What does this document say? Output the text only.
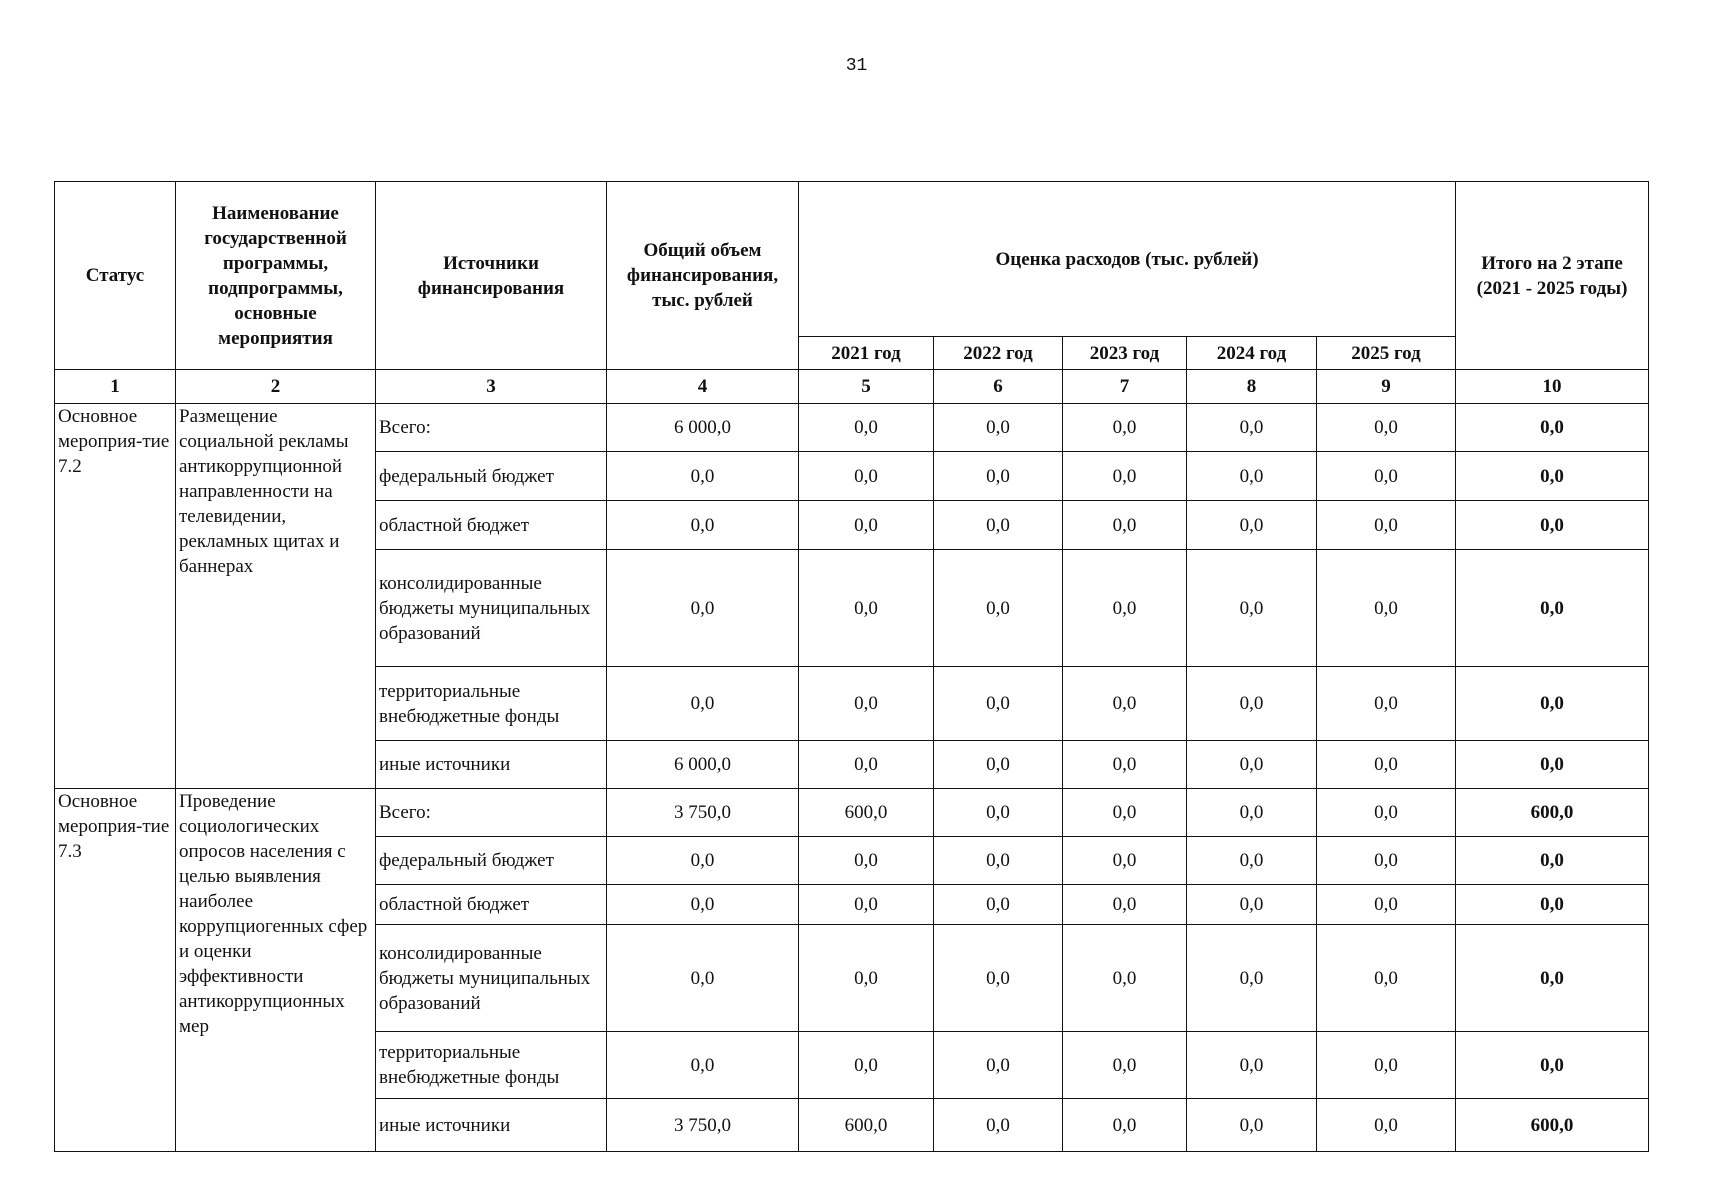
31
Статус	Наименование государственной программы, подпрограммы, основные мероприятия	Источники финансирования	Общий объем финансирования, тыс. рублей	Оценка расходов (тыс. рублей)					Итого на 2 этапе (2021 - 2025 годы)
				2021 год	2022 год	2023 год	2024 год	2025 год	
1	2	3	4	5	6	7	8	9	10
Основное мероприя-тие 7.2	Размещение социальной рекламы антикоррупционной направленности на телевидении, рекламных щитах и баннерах	Всего:	6 000,0	0,0	0,0	0,0	0,0	0,0	0,0
		федеральный бюджет	0,0	0,0	0,0	0,0	0,0	0,0	0,0
		областной бюджет	0,0	0,0	0,0	0,0	0,0	0,0	0,0
		консолидированные бюджеты муниципальных образований	0,0	0,0	0,0	0,0	0,0	0,0	0,0
		территориальные внебюджетные фонды	0,0	0,0	0,0	0,0	0,0	0,0	0,0
		иные источники	6 000,0	0,0	0,0	0,0	0,0	0,0	0,0
Основное мероприя-тие 7.3	Проведение социологических опросов населения с целью выявления наиболее коррупциогенных сфер и оценки эффективности антикоррупционных мер	Всего:	3 750,0	600,0	0,0	0,0	0,0	0,0	600,0
		федеральный бюджет	0,0	0,0	0,0	0,0	0,0	0,0	0,0
		областной бюджет	0,0	0,0	0,0	0,0	0,0	0,0	0,0
		консолидированные бюджеты муниципальных образований	0,0	0,0	0,0	0,0	0,0	0,0	0,0
		территориальные внебюджетные фонды	0,0	0,0	0,0	0,0	0,0	0,0	0,0
		иные источники	3 750,0	600,0	0,0	0,0	0,0	0,0	600,0
